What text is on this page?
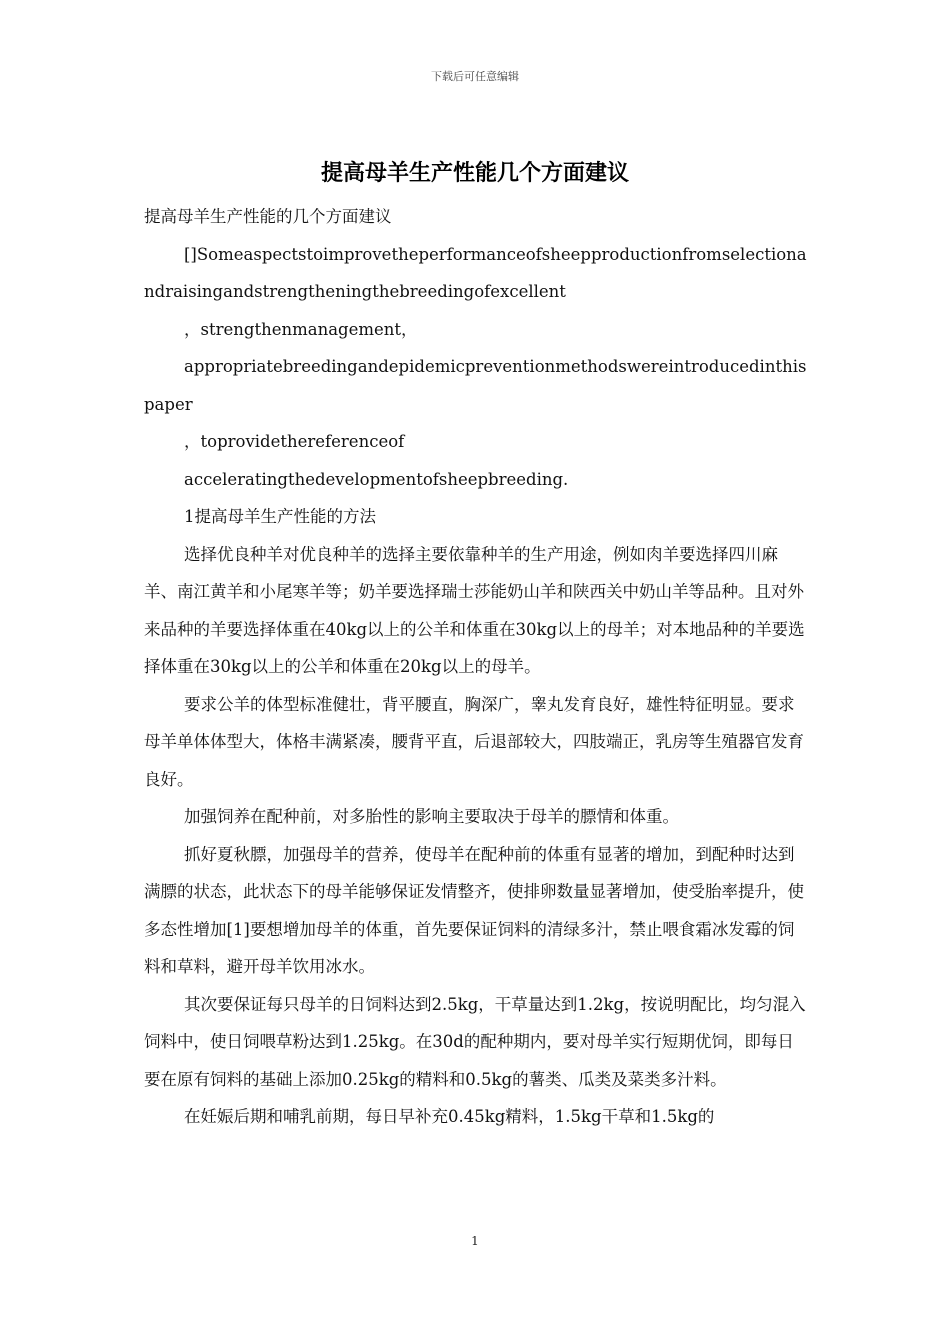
下载后可任意编辑
提高母羊生产性能几个方面建议

提高母羊生产性能的几个方面建议

[]Someaspectstoimprovetheperformanceofsheepproductionfromselectionandraisingandstrengtheningthebreedingofexcellent

，strengthenmanagement，

appropriatebreedingandepidemicpreventionmethodswereintroducedinthispaper

，toprovidethereferenceof

acceleratingthedevelopmentofsheepbreeding.

1提高母羊生产性能的方法

选择优良种羊对优良种羊的选择主要依靠种羊的生产用途，例如肉羊要选择四川麻羊、南江黄羊和小尾寒羊等；奶羊要选择瑞士莎能奶山羊和陕西关中奶山羊等品种。且对外来品种的羊要选择体重在40kg以上的公羊和体重在30kg以上的母羊；对本地品种的羊要选择体重在30kg以上的公羊和体重在20kg以上的母羊。

要求公羊的体型标准健壮，背平腰直，胸深广，睾丸发育良好，雄性特征明显。要求母羊单体体型大，体格丰满紧凑，腰背平直，后退部较大，四肢端正，乳房等生殖器官发育良好。

加强饲养在配种前，对多胎性的影响主要取决于母羊的膘情和体重。

抓好夏秋膘，加强母羊的营养，使母羊在配种前的体重有显著的增加，到配种时达到满膘的状态，此状态下的母羊能够保证发情整齐，使排卵数量显著增加，使受胎率提升，使多态性增加[1]要想增加母羊的体重，首先要保证饲料的清绿多汁，禁止喂食霜冰发霉的饲料和草料，避开母羊饮用冰水。

其次要保证每只母羊的日饲料达到2.5kg，干草量达到1.2kg，按说明配比，均匀混入饲料中，使日饲喂草粉达到1.25kg。在30d的配种期内，要对母羊实行短期优饲，即每日要在原有饲料的基础上添加0.25kg的精料和0.5kg的薯类、瓜类及菜类多汁料。

在妊娠后期和哺乳前期，每日早补充0.45kg精料，1.5kg干草和1.5kg的

1
